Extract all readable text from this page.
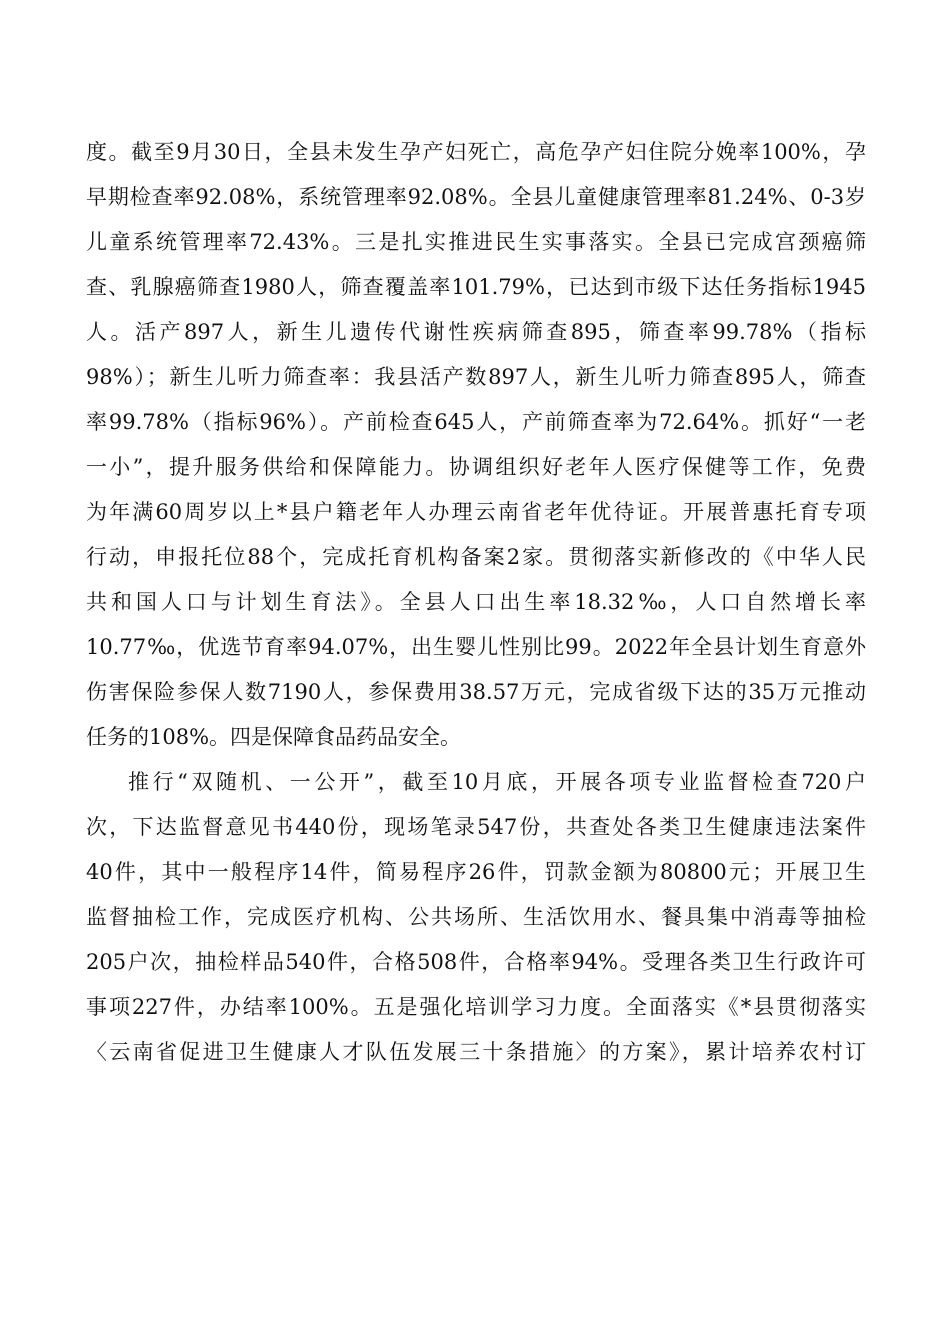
度。截至9月30日，全县未发生孕产妇死亡，高危孕产妇住院分娩率100%，孕
早期检查率92.08%，系统管理率92.08%。全县儿童健康管理率81.24%、0-3岁
儿童系统管理率72.43%。三是扎实推进民生实事落实。全县已完成宫颈癌筛
查、乳腺癌筛查1980人，筛查覆盖率101.79%，已达到市级下达任务指标1945
人。活产897人，新生儿遗传代谢性疾病筛查895，筛查率99.78%（指标
98%）；新生儿听力筛查率：我县活产数897人，新生儿听力筛查895人，筛查
率99.78%（指标96%）。产前检查645人，产前筛查率为72.64%。抓好“一老
一小”，提升服务供给和保障能力。协调组织好老年人医疗保健等工作，免费
为年满60周岁以上*县户籍老年人办理云南省老年优待证。开展普惠托育专项
行动，申报托位88个，完成托育机构备案2家。贯彻落实新修改的《中华人民
共和国人口与计划生育法》。全县人口出生率18.32‰，人口自然增长率
10.77‰，优选节育率94.07%，出生婴儿性别比99。2022年全县计划生育意外
伤害保险参保人数7190人，参保费用38.57万元，完成省级下达的35万元推动
任务的108%。四是保障食品药品安全。
推行“双随机、一公开”，截至10月底，开展各项专业监督检查720户
次，下达监督意见书440份，现场笔录547份，共查处各类卫生健康违法案件
40件，其中一般程序14件，简易程序26件，罚款金额为80800元；开展卫生
监督抽检工作，完成医疗机构、公共场所、生活饮用水、餐具集中消毒等抽检
205户次，抽检样品540件，合格508件，合格率94%。受理各类卫生行政许可
事项227件，办结率100%。五是强化培训学习力度。全面落实《*县贯彻落实
〈云南省促进卫生健康人才队伍发展三十条措施〉的方案》，累计培养农村订
